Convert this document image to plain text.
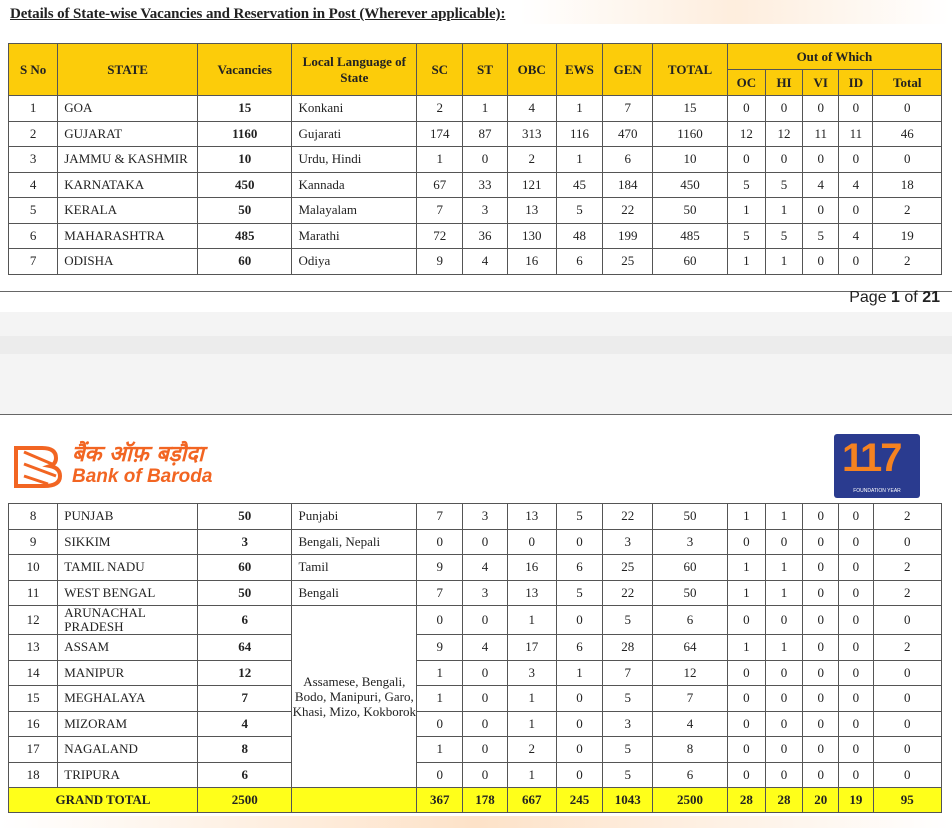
Details of State-wise Vacancies and Reservation in Post (Wherever applicable):
S No	STATE	Vacancies	Local Language of State	SC	ST	OBC	EWS	GEN	TOTAL	Out of Which				
										OC	HI	VI	ID	Total
1	GOA	15	Konkani	2	1	4	1	7	15	0	0	0	0	0
2	GUJARAT	1160	Gujarati	174	87	313	116	470	1160	12	12	11	11	46
3	JAMMU & KASHMIR	10	Urdu, Hindi	1	0	2	1	6	10	0	0	0	0	0
4	KARNATAKA	450	Kannada	67	33	121	45	184	450	5	5	4	4	18
5	KERALA	50	Malayalam	7	3	13	5	22	50	1	1	0	0	2
6	MAHARASHTRA	485	Marathi	72	36	130	48	199	485	5	5	5	4	19
7	ODISHA	60	Odiya	9	4	16	6	25	60	1	1	0	0	2
Page 1 of 21
बैंक ऑफ़ बड़ौदा
Bank of Baroda	117
FOUNDATION YEAR
8	PUNJAB	50	Punjabi	7	3	13	5	22	50	1	1	0	0	2
9	SIKKIM	3	Bengali, Nepali	0	0	0	0	3	3	0	0	0	0	0
10	TAMIL NADU	60	Tamil	9	4	16	6	25	60	1	1	0	0	2
11	WEST BENGAL	50	Bengali	7	3	13	5	22	50	1	1	0	0	2
12	ARUNACHAL PRADESH	6	Assamese, Bengali, Bodo, Manipuri, Garo, Khasi, Mizo, Kokborok	0	0	1	0	5	6	0	0	0	0	0
13	ASSAM	64		9	4	17	6	28	64	1	1	0	0	2
14	MANIPUR	12		1	0	3	1	7	12	0	0	0	0	0
15	MEGHALAYA	7		1	0	1	0	5	7	0	0	0	0	0
16	MIZORAM	4		0	0	1	0	3	4	0	0	0	0	0
17	NAGALAND	8		1	0	2	0	5	8	0	0	0	0	0
18	TRIPURA	6		0	0	1	0	5	6	0	0	0	0	0
GRAND TOTAL		2500		367	178	667	245	1043	2500	28	28	20	19	95
